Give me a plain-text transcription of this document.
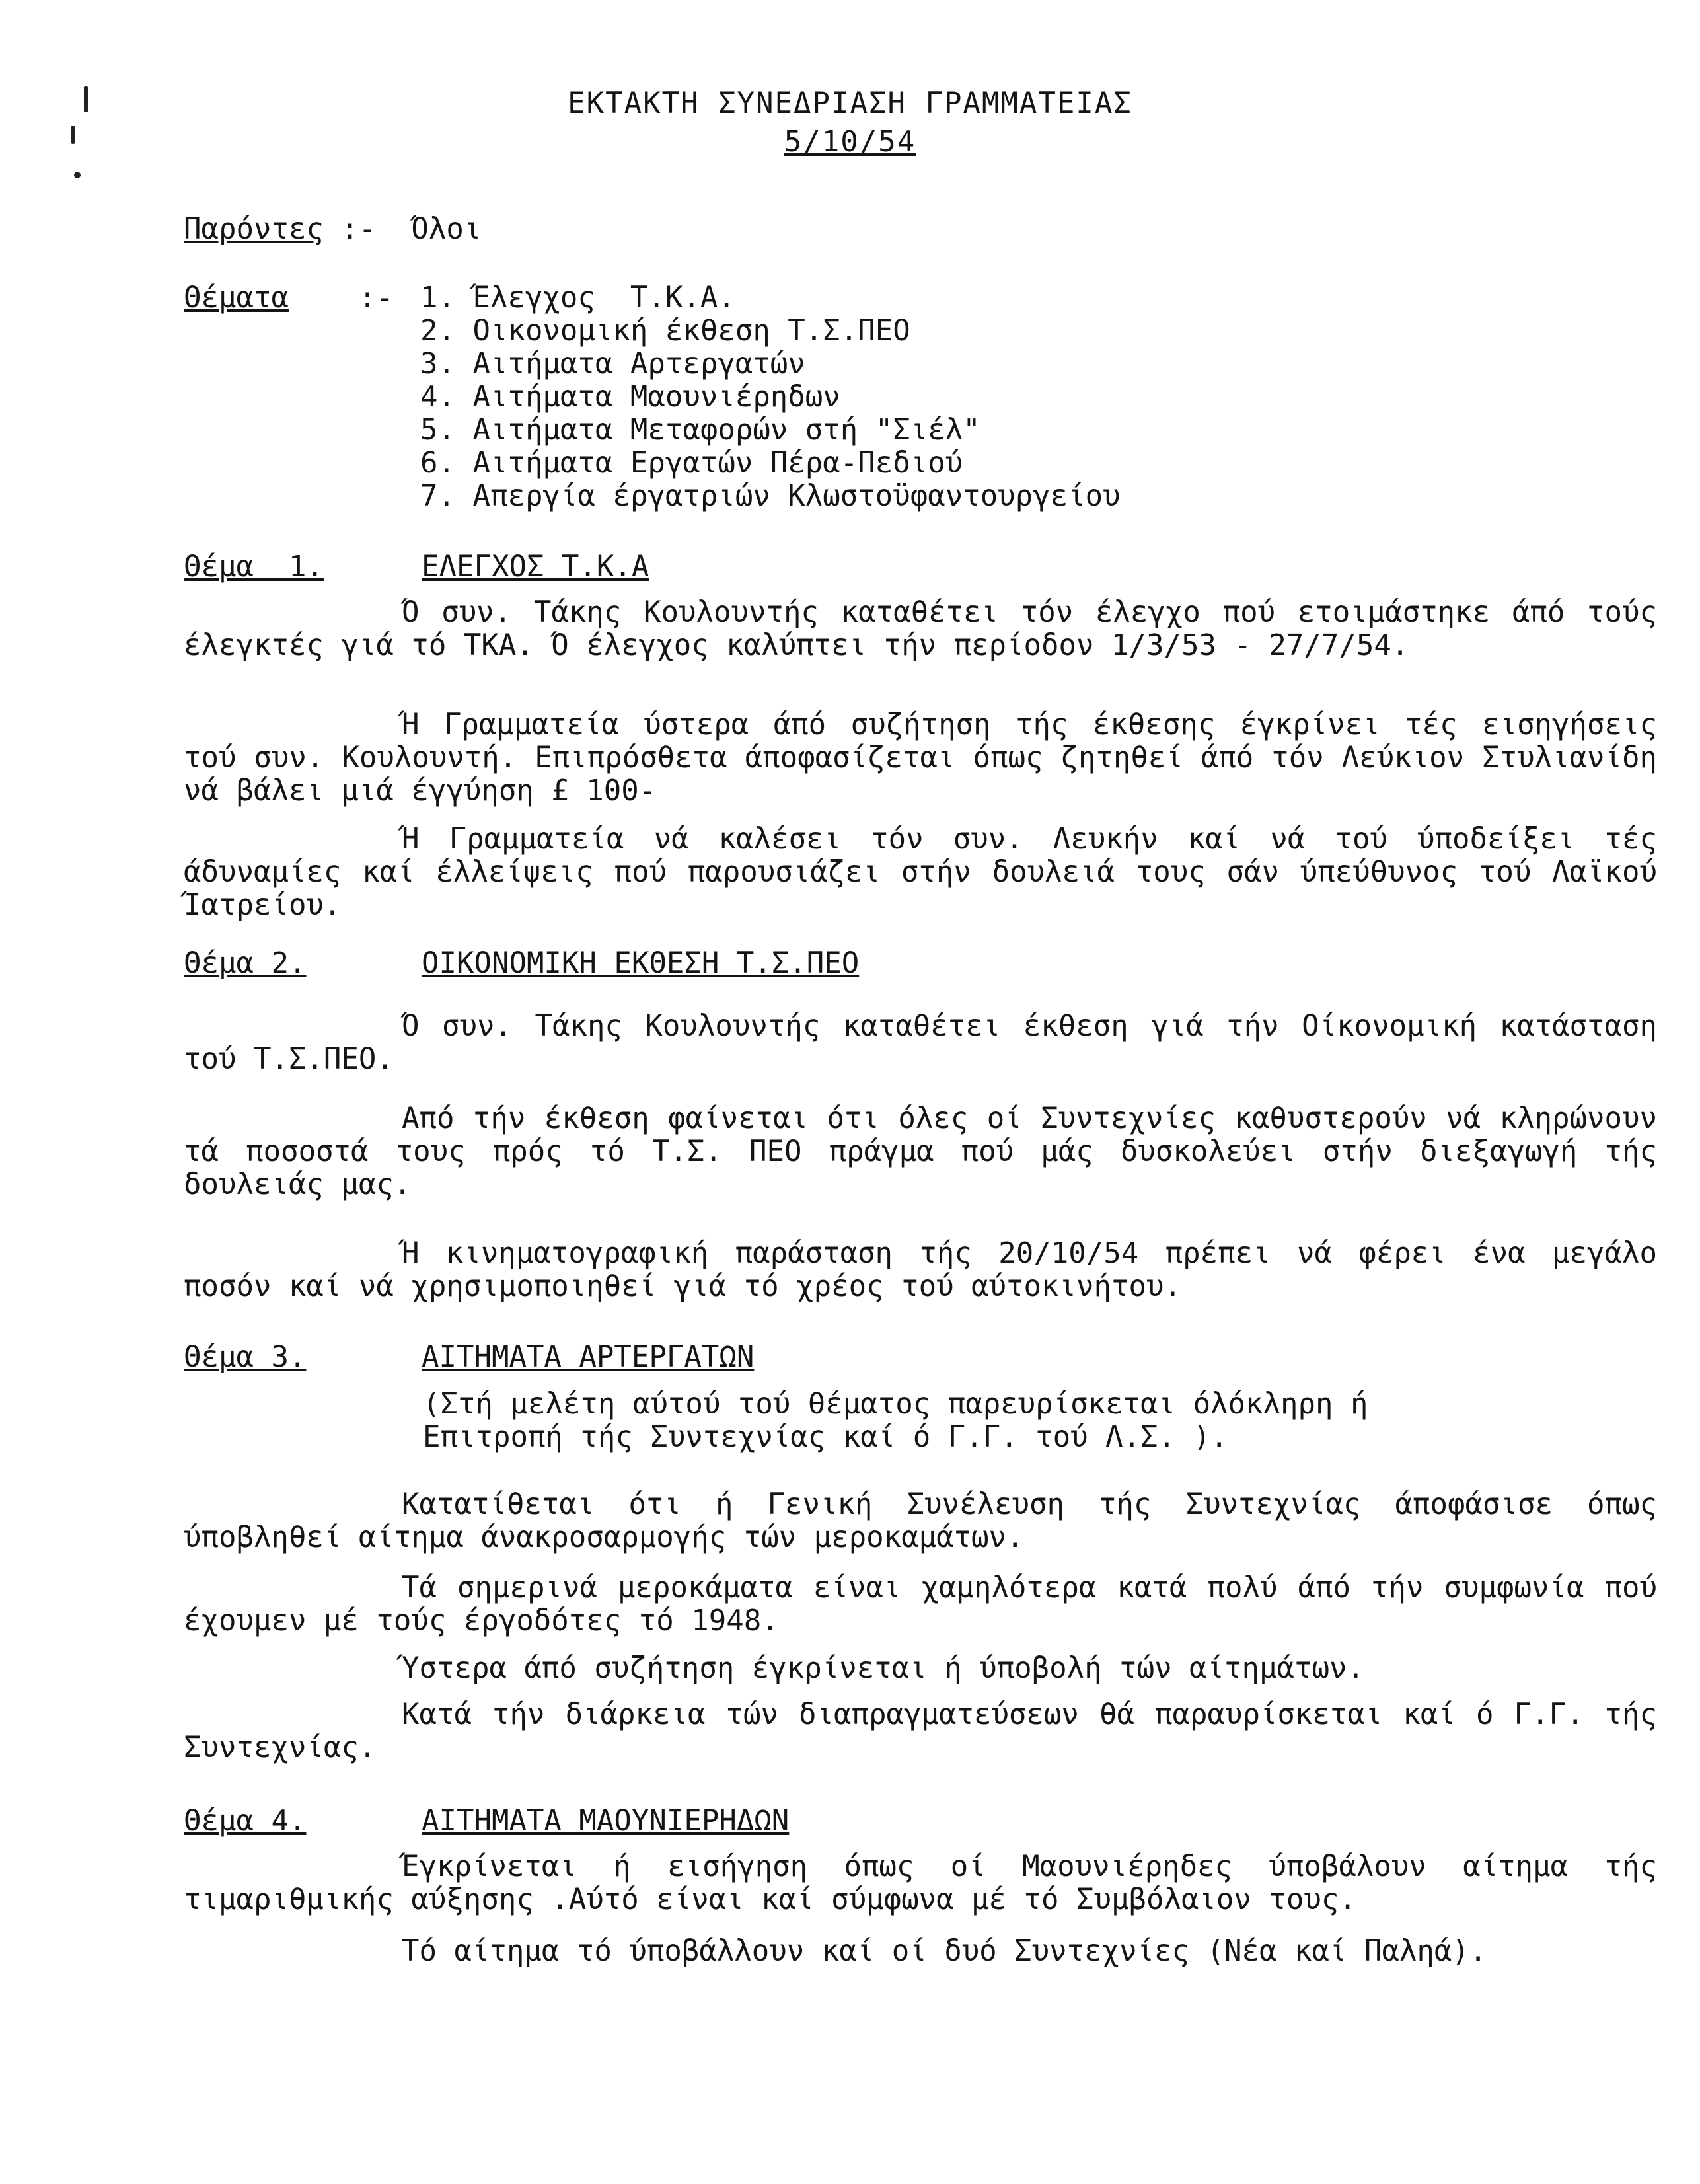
ΕΚΤΑΚΤΗ ΣΥΝΕΔΡΙΑΣΗ ΓΡΑΜΜΑΤΕΙΑΣ
5/10/54
Παρόντες :- Όλοι
Θέματα    :- 1. Έλεγχος  Τ.Κ.Α.
2. Οικονομική έκθεση Τ.Σ.ΠΕΟ
3. Αιτήματα Αρτεργατών
4. Αιτήματα Μαουνιέρηδων
5. Αιτήματα Μεταφορών στή "Σιέλ"
6. Αιτήματα Εργατών Πέρα-Πεδιού
7. Απεργία έργατριών Κλωστοϋφαντουργείου
Θέμα  1.	ΕΛΕΓΧΟΣ Τ.Κ.Α

Ό συν. Τάκης Κουλουντής καταθέτει τόν έλεγχο πού ετοιμάστηκε άπό τούς έλεγκτές γιά τό ΤΚΑ. Ό έλεγχος καλύπτει τήν περίοδον 1/3/53 - 27/7/54.

Ή Γραμματεία ύστερα άπό συζήτηση τής έκθεσης έγκρίνει τές εισηγήσεις τού συν. Κουλουντή. Επιπρόσθετα άποφασίζεται όπως ζητηθεί άπό τόν Λεύκιον Στυλιανίδη νά βάλει μιά έγγύηση £ 100-

Ή Γραμματεία νά καλέσει τόν συν. Λευκήν καί νά τού ύποδείξει τές άδυναμίες καί έλλείψεις πού παρουσιάζει στήν δουλειά τους σάν ύπεύθυνος τού Λαϊκού Ίατρείου.

Θέμα 2.	ΟΙΚΟΝΟΜΙΚΗ ΕΚΘΕΣΗ Τ.Σ.ΠΕΟ

Ό συν. Τάκης Κουλουντής καταθέτει έκθεση γιά τήν Οίκονομική κατάσταση τού Τ.Σ.ΠΕΟ.

Από τήν έκθεση φαίνεται ότι όλες οί Συντεχνίες καθυστερούν νά κληρώνουν τά ποσοστά τους πρός τό Τ.Σ. ΠΕΟ πράγμα πού μάς δυσκολεύει στήν διεξαγωγή τής δουλειάς μας.

Ή κινηματογραφική παράσταση τής 20/10/54 πρέπει νά φέρει ένα μεγάλο ποσόν καί νά χρησιμοποιηθεί γιά τό χρέος τού αύτοκινήτου.

Θέμα 3.	ΑΙΤΗΜΑΤΑ ΑΡΤΕΡΓΑΤΩΝ

(Στή μελέτη αύτού τού θέματος παρευρίσκεται όλόκληρη ή Επιτροπή τής Συντεχνίας καί ό Γ.Γ. τού Λ.Σ. ).

Κατατίθεται ότι ή Γενική Συνέλευση τής Συντεχνίας άποφάσισε όπως ύποβληθεί αίτημα άνακροσαρμογής τών μεροκαμάτων.

Τά σημερινά μεροκάματα είναι χαμηλότερα κατά πολύ άπό τήν συμφωνία πού έχουμεν μέ τούς έργοδότες τό 1948.

Ύστερα άπό συζήτηση έγκρίνεται ή ύποβολή τών αίτημάτων.

Κατά τήν διάρκεια τών διαπραγματεύσεων θά παραυρίσκεται καί ό Γ.Γ. τής Συντεχνίας.

Θέμα 4.	ΑΙΤΗΜΑΤΑ ΜΑΟΥΝΙΕΡΗΔΩΝ

Έγκρίνεται ή εισήγηση όπως οί Μαουνιέρηδες ύποβάλουν αίτημα τής τιμαριθμικής αύξησης .Αύτό είναι καί σύμφωνα μέ τό Συμβόλαιον τους.

Τό αίτημα τό ύποβάλλουν καί οί δυό Συντεχνίες (Νέα καί Παληά).
